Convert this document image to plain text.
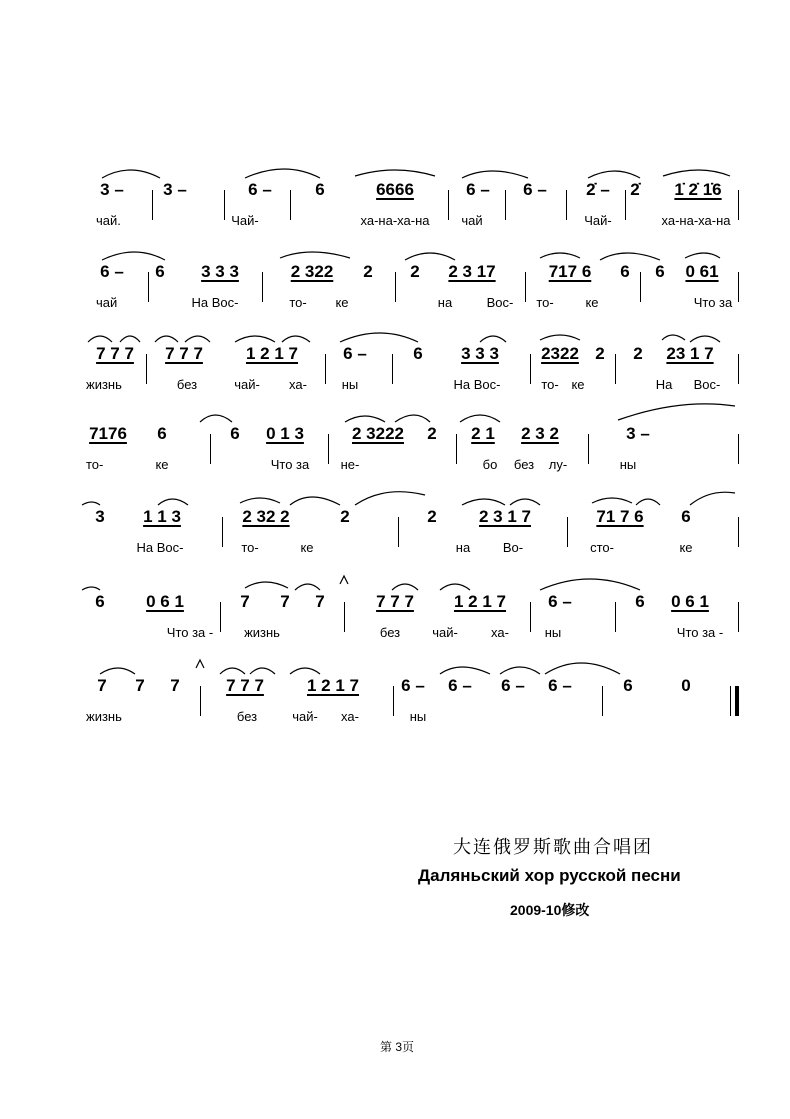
3 – 3 –	6 –	6	6666	6 – 6 – 2̇ – 2̇ 1̇ 2̇ 1̇6
чай.	Чай-	ха-на-ха-на чай	Чай-	ха-на-ха-на
6 – 6 3 3 3	2 322 2 2 2 3 17	717 6 6 6 0 61
чай	На Вос-	то- ке	на	Вос- то- ке	Что за
7 7 7 7 7 7	1 2 1 7	6 –	6 3 3 3 2322 2 2 23 1 7
жизнь	без	чай- ха-	ны	На Вос-	то- ке	На Вос-
7176 6	6 0 1 3	2 3222 2 2 1 2 3 2	3 –
то-	ке	Что за не-	бо без лу-	ны
3 1 1 3	2 32 2	2	2 2 3 1 7	71 7 6 6
На Вос-	то-	ке	на	Во-	сто-	ке
6 0 6 1	7 7 7	7 7 7 1 2 1 7 6 –	6 0 6 1
Что за - жизнь	без чай-	ха-	ны	Что за -
7 7 7	7 7 7	1 2 1 7 6 – 6 – 6 – 6 –	6	0
жизнь	без	чай- ха-	ны
大连俄罗斯歌曲合唱团
Даляньский хор русской песни
2009-10修改
第 3页
